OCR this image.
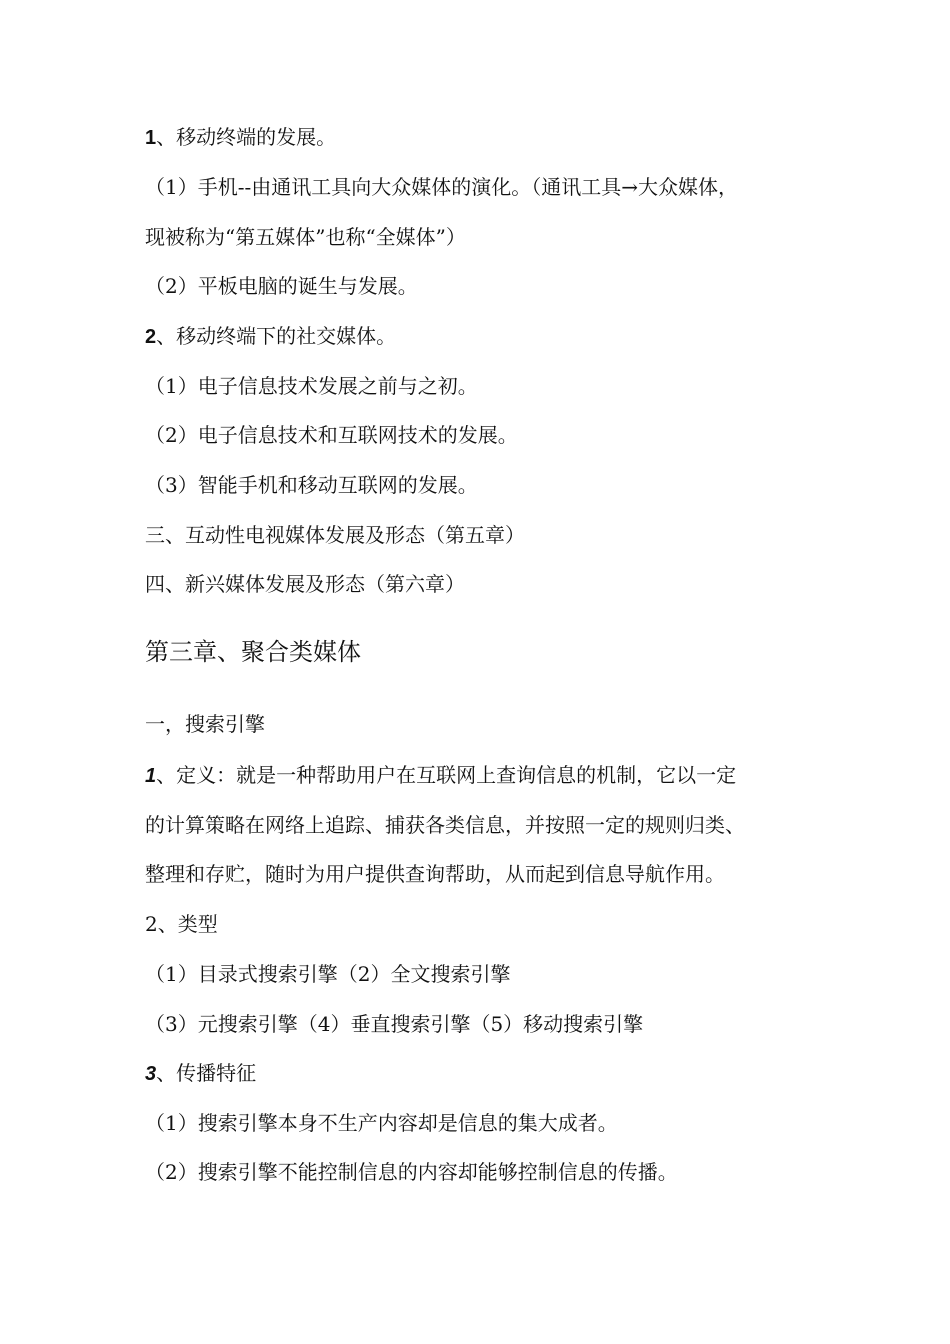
1、移动终端的发展。
（1）手机--由通讯工具向大众媒体的演化。（通讯工具→大众媒体，
现被称为“第五媒体”也称“全媒体”）
（2）平板电脑的诞生与发展。
2、移动终端下的社交媒体。
（1）电子信息技术发展之前与之初。
（2）电子信息技术和互联网技术的发展。
（3）智能手机和移动互联网的发展。
三、互动性电视媒体发展及形态（第五章）
四、新兴媒体发展及形态（第六章）
第三章、聚合类媒体
一，搜索引擎
1、定义：就是一种帮助用户在互联网上查询信息的机制，它以一定
的计算策略在网络上追踪、捕获各类信息，并按照一定的规则归类、
整理和存贮，随时为用户提供查询帮助，从而起到信息导航作用。
2、类型
（1）目录式搜索引擎（2）全文搜索引擎
（3）元搜索引擎（4）垂直搜索引擎（5）移动搜索引擎
3、传播特征
（1）搜索引擎本身不生产内容却是信息的集大成者。
（2）搜索引擎不能控制信息的内容却能够控制信息的传播。
